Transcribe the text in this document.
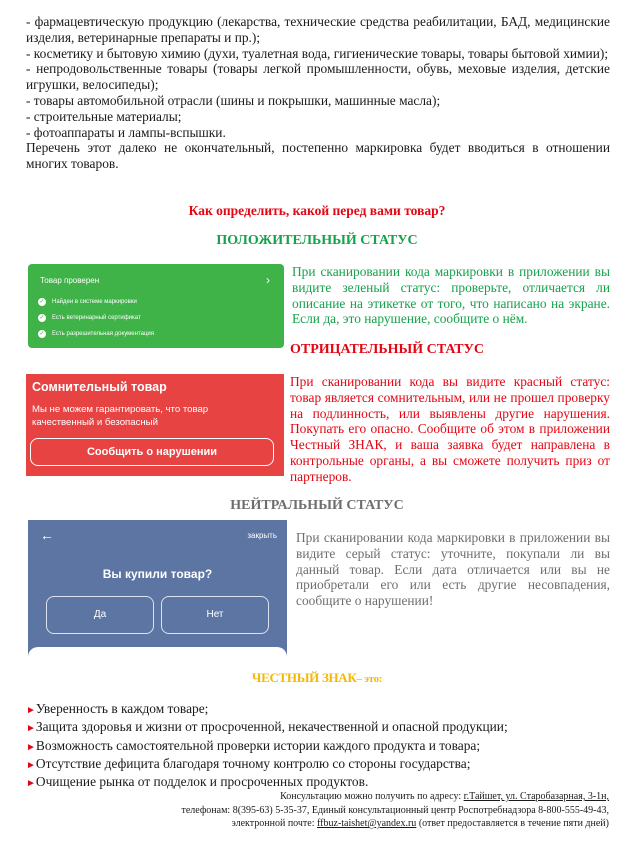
- фармацевтическую продукцию (лекарства, технические средства реабилитации, БАД, медицинские изделия, ветеринарные препараты и пр.);

- косметику и бытовую химию (духи, туалетная вода, гигиенические товары, товары бытовой химии);

- непродовольственные товары (товары легкой промышленности, обувь, меховые изделия, детские игрушки, велосипеды);

- товары автомобильной отрасли (шины и покрышки, машинные масла);

- строительные материалы;

- фотоаппараты и лампы-вспышки.

Перечень этот далеко не окончательный, постепенно маркировка будет вводиться в отношении многих товаров.

Как определить, какой перед вами товар?
ПОЛОЖИТЕЛЬНЫЙ СТАТУС
Товар проверен	›
✓ Найден в системе маркировки
✓ Есть ветеринарный сертификат
✓ Есть разрешительная документация

При сканировании кода маркировки в приложении вы видите зеленый статус: проверьте, отличается ли описание на этикетке от того, что написано на экране. Если да, это нарушение, сообщите о нём.

ОТРИЦАТЕЛЬНЫЙ СТАТУС
Сомнительный товар
Мы не можем гарантировать, что товар качественный и безопасный
Сообщить о нарушении

При сканировании кода вы видите красный статус: товар является сомнительным, или не прошел проверку на подлинность, или выявлены другие нарушения. Покупать его опасно. Сообщите об этом в приложении Честный ЗНАК, и ваша заявка будет направлена в контрольные органы, а вы сможете получить приз от партнеров.

НЕЙТРАЛЬНЫЙ СТАТУС
←	закрыть
Вы купили товар?
Да	Нет

При сканировании кода маркировки в приложении вы видите серый статус: уточните, покупали ли вы данный товар. Если дата отличается или вы не приобретали его или есть другие несовпадения, сообщите о нарушении!

ЧЕСТНЫЙ ЗНАК– это:

►Уверенность в каждом товаре;

►Защита здоровья и жизни от просроченной, некачественной и опасной продукции;

►Возможность самостоятельной проверки истории каждого продукта и товара;

►Отсутствие дефицита благодаря точному контролю со стороны государства;

►Очищение рынка от подделок и просроченных продуктов.

Консультацию можно получить по адресу: г.Тайшет, ул. Старобазарная, 3-1н,
телефонам: 8(395-63) 5-35-37, Единый консультационный центр Роспотребнадзора 8-800-555-49-43,
электронной почте: ffbuz-taishet@yandex.ru (ответ предоставляется в течение пяти дней)
